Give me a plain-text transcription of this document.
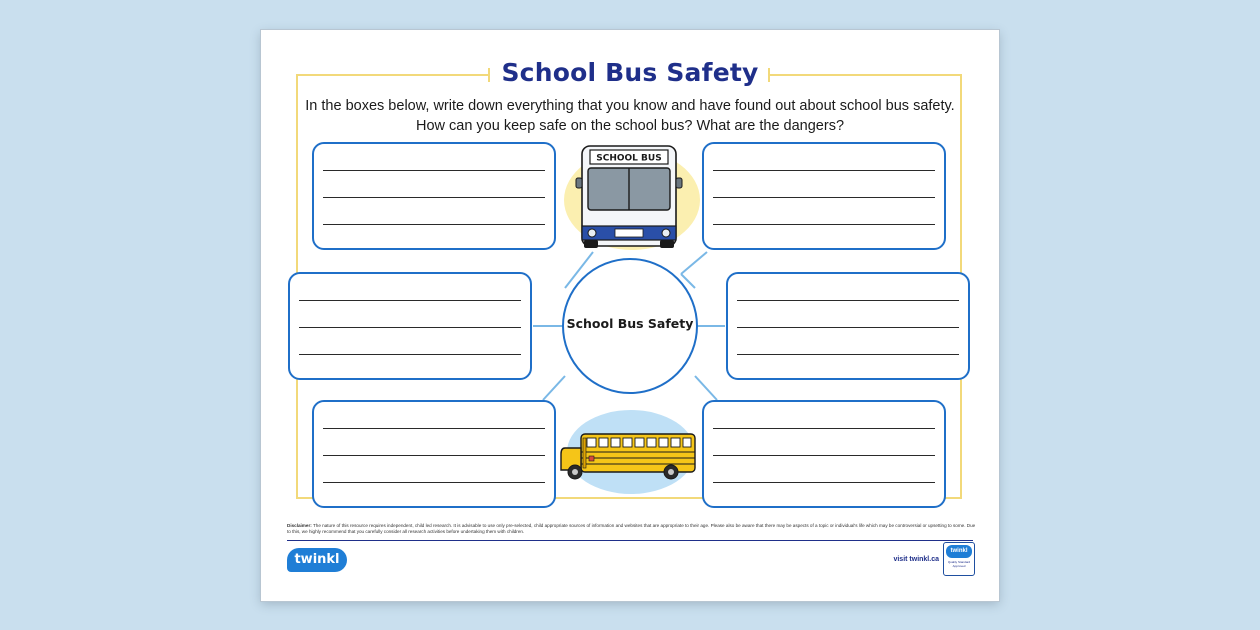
School Bus Safety
In the boxes below, write down everything that you know and have found out about school bus safety.
How can you keep safe on the school bus? What are the dangers?
School Bus Safety
SCHOOL BUS
Disclaimer: The nature of this resource requires independent, child led research. It is advisable to use only pre-selected, child appropriate sources of information and websites that are appropriate to their age. Please also be aware that there may be aspects of a topic or individual's life which may be controversial or upsetting to some. Due to this, we highly recommend that you carefully consider all research activities before undertaking them with children.
twinkl	visit twinkl.ca
twinkl
Quality Standard Approved
